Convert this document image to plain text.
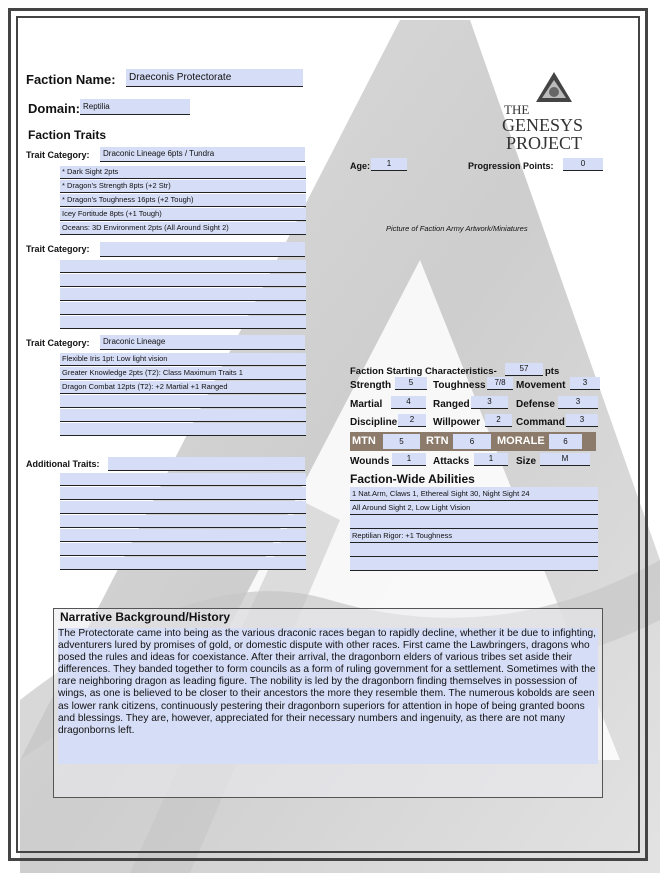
Faction Name:	Draeconis Protectorate
Domain: Reptilia	THE
GENESYS
PROJECT
Faction Traits
Trait Category:	Draconic Lineage 6pts / Tundra
* Dark Sight 2pts
* Dragon's Strength 8pts (+2 Str)
* Dragon's Toughness 16pts (+2 Tough)
Icey Fortitude 8pts (+1 Tough)
Oceans: 3D Environment 2pts (All Around Sight 2)
Trait Category:
Trait Category:	Draconic Lineage
Flexible Iris 1pt: Low light vision
Greater Knowledge 2pts (T2): Class Maximum Traits 1
Dragon Combat 12pts (T2): +2 Martial +1 Ranged
Additional Traits:
Age:	1	Progression Points:	0
Picture of Faction Army Artwork/Miniatures
Faction Starting Characteristics-	57	pts
Strength	5	Toughness	7/8	Movement	3
Martial	4	Ranged	3	Defense	3
Discipline	2	Willpower	2	Command	3
MTN	5	RTN	6	MORALE	6
Wounds	1	Attacks	1	Size	M
Faction-Wide Abilities
1 Nat.Arm, Claws 1, Ethereal Sight 30, Night Sight 24
All Around Sight 2, Low Light Vision
Reptilian Rigor: +1 Toughness
Narrative Background/History
The Protectorate came into being as the various draconic races began to rapidly decline, whether it be due to infighting, adventurers lured by promises of gold, or domestic dispute with other races. First came the Lawbringers, dragons who posed the rules and ideas for coexistance. After their arrival, the dragonborn elders of various tribes set aside their differences. They banded together to form councils as a form of ruling government for a settlement. Sometimes with the rare neighboring dragon as leading figure. The nobility is led by the dragonborn finding themselves in possession of wings, as one is believed to be closer to their ancestors the more they resemble them. The numerous kobolds are seen as lower rank citizens, continuously pestering their dragonborn superiors for attention in hope of being granted boons and blessings. They are, however, appreciated for their necessary numbers and ingenuity, as there are not many dragonborns left.
